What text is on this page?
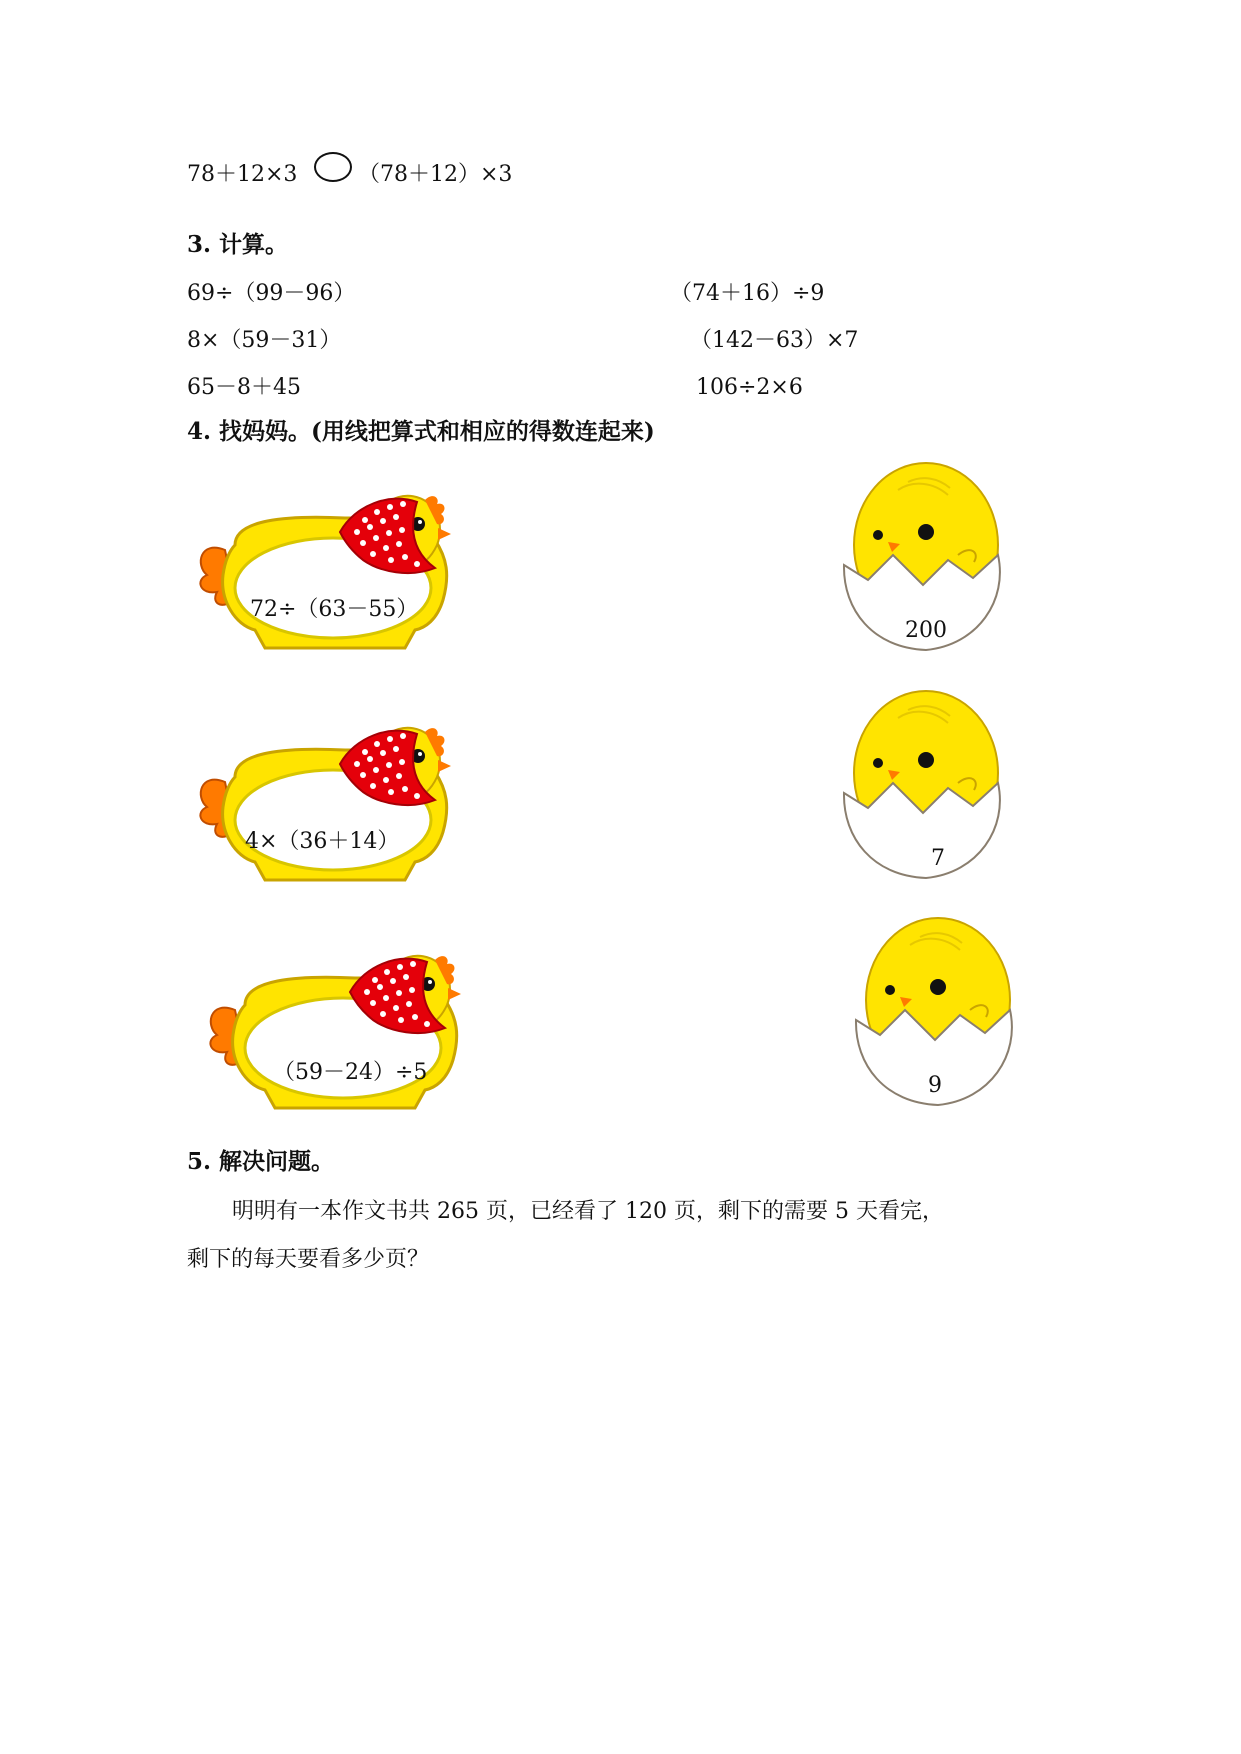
78＋12×3	（78＋12）×3
3. 计算。
69÷（99－96）	（74＋16）÷9
8×（59－31）	（142－63）×7
65－8＋45	106÷2×6
4. 找妈妈。(用线把算式和相应的得数连起来)
72÷（63－55）
4×（36＋14）
（59－24）÷5
200
7
9
5. 解决问题。
明明有一本作文书共 265 页，已经看了 120 页，剩下的需要 5 天看完，
剩下的每天要看多少页？
